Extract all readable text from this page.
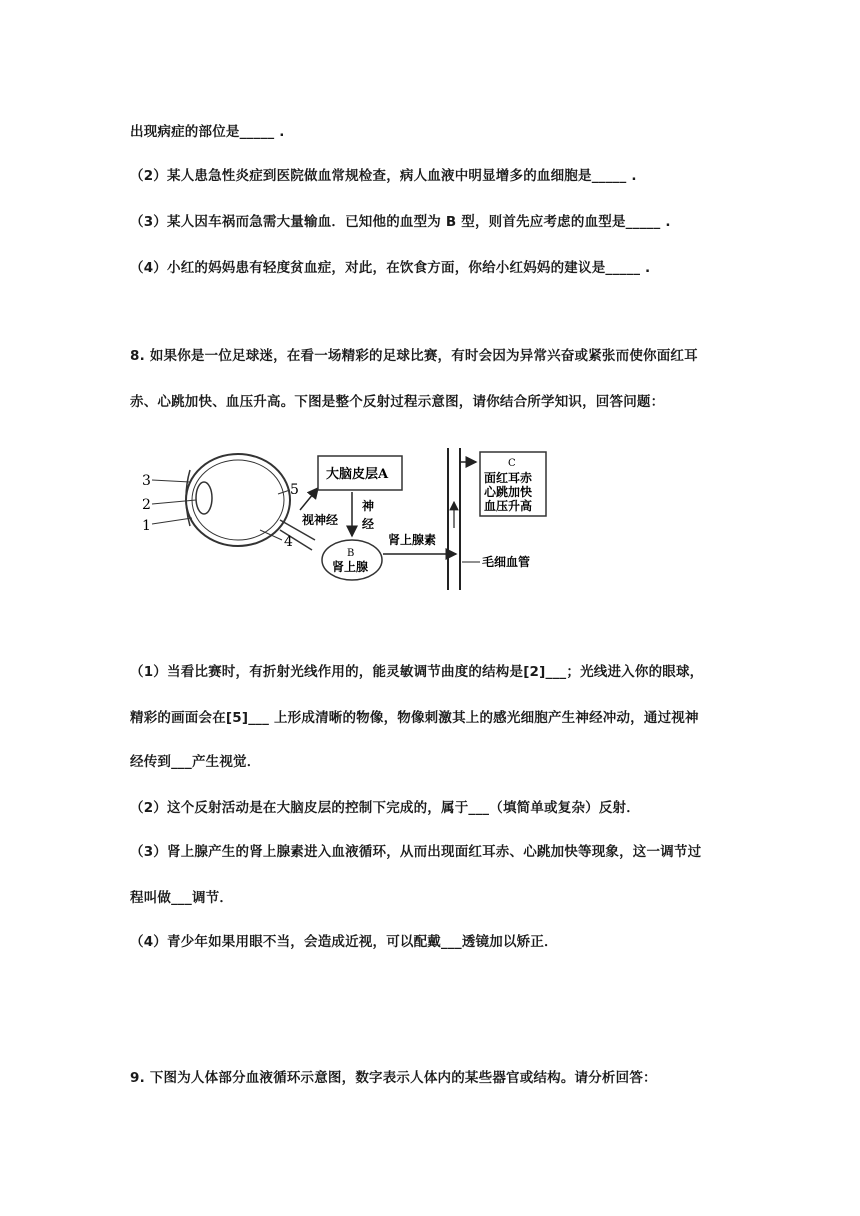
出现病症的部位是_____ .
（2）某人患急性炎症到医院做血常规检查，病人血液中明显增多的血细胞是_____ .
（3）某人因车祸而急需大量输血．已知他的血型为 B 型，则首先应考虑的血型是_____ .
（4）小红的妈妈患有轻度贫血症，对此，在饮食方面，你给小红妈妈的建议是_____ .
8. 如果你是一位足球迷，在看一场精彩的足球比赛，有时会因为异常兴奋或紧张而使你面红耳
赤、心跳加快、血压升高。下图是整个反射过程示意图，请你结合所学知识，回答问题：
3
2
1
5
4
视神经
大脑皮层A
神
经
B
肾上腺
肾上腺素
毛细血管
C
面红耳赤
心跳加快
血压升高
（1）当看比赛时，有折射光线作用的，能灵敏调节曲度的结构是[2]___；光线进入你的眼球，
精彩的画面会在[5]___ 上形成清晰的物像，物像刺激其上的感光细胞产生神经冲动，通过视神
经传到___产生视觉．
（2）这个反射活动是在大脑皮层的控制下完成的，属于___（填简单或复杂）反射．
（3）肾上腺产生的肾上腺素进入血液循环，从而出现面红耳赤、心跳加快等现象，这一调节过
程叫做___调节．
（4）青少年如果用眼不当，会造成近视，可以配戴___透镜加以矫正．
9. 下图为人体部分血液循环示意图，数字表示人体内的某些器官或结构。请分析回答：
